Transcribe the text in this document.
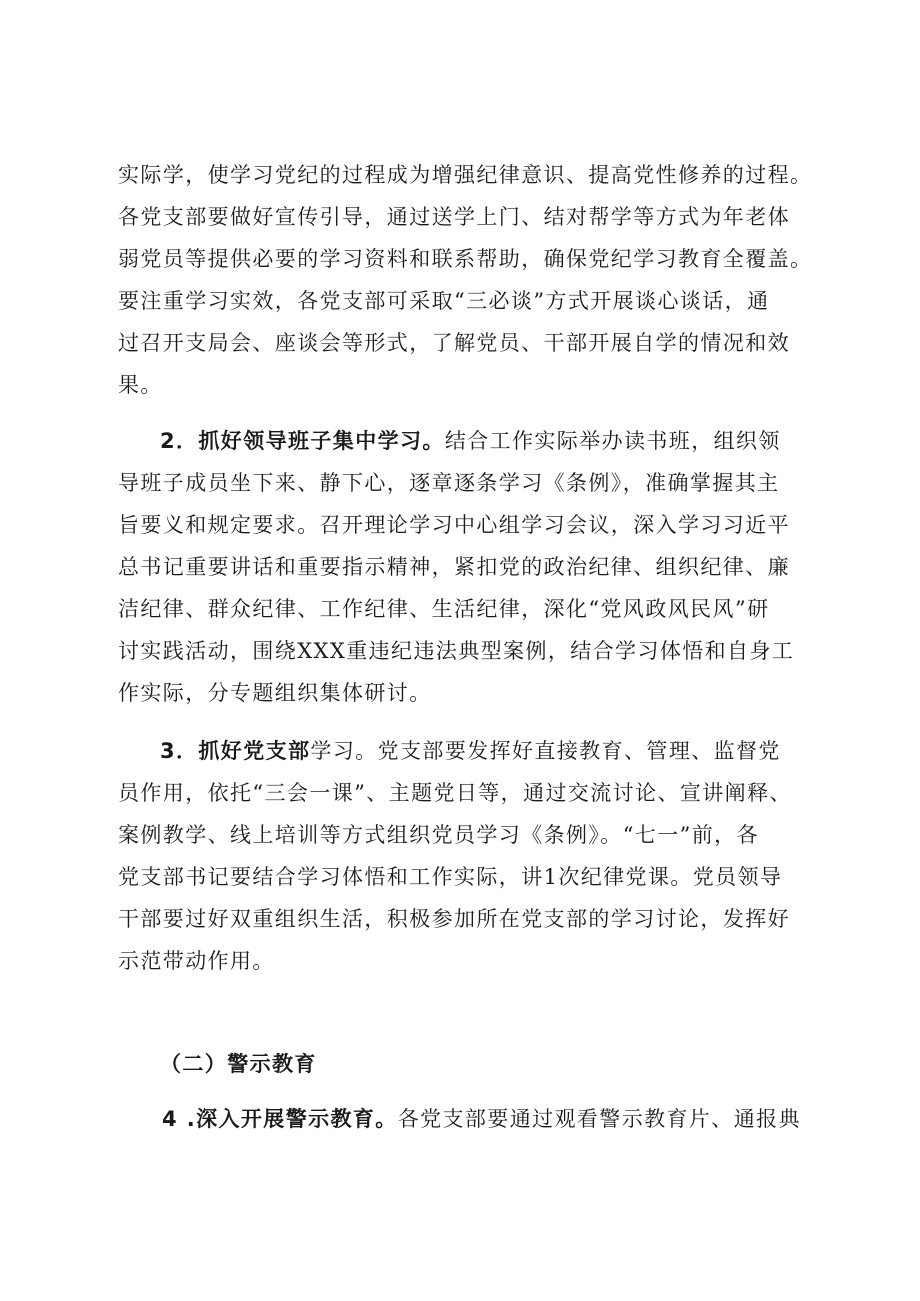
实际学，使学习党纪的过程成为增强纪律意识、提高党性修养的过程。
各党支部要做好宣传引导，通过送学上门、结对帮学等方式为年老体
弱党员等提供必要的学习资料和联系帮助，确保党纪学习教育全覆盖。
要注重学习实效，各党支部可采取“三必谈”方式开展谈心谈话，通
过召开支局会、座谈会等形式，了解党员、干部开展自学的情况和效
果。
2．抓好领导班子集中学习。结合工作实际举办读书班，组织领
导班子成员坐下来、静下心，逐章逐条学习《条例》，准确掌握其主
旨要义和规定要求。召开理论学习中心组学习会议，深入学习习近平
总书记重要讲话和重要指示精神，紧扣党的政治纪律、组织纪律、廉
洁纪律、群众纪律、工作纪律、生活纪律，深化“党风政风民风”研
讨实践活动，围绕XXX重违纪违法典型案例，结合学习体悟和自身工
作实际，分专题组织集体研讨。
3．抓好党支部学习。党支部要发挥好直接教育、管理、监督党
员作用，依托“三会一课”、主题党日等，通过交流讨论、宣讲阐释、
案例教学、线上培训等方式组织党员学习《条例》。“七一”前，各
党支部书记要结合学习体悟和工作实际，讲1次纪律党课。党员领导
干部要过好双重组织生活，积极参加所在党支部的学习讨论，发挥好
示范带动作用。
（二）警示教育
4 .深入开展警示教育。各党支部要通过观看警示教育片、通报典
